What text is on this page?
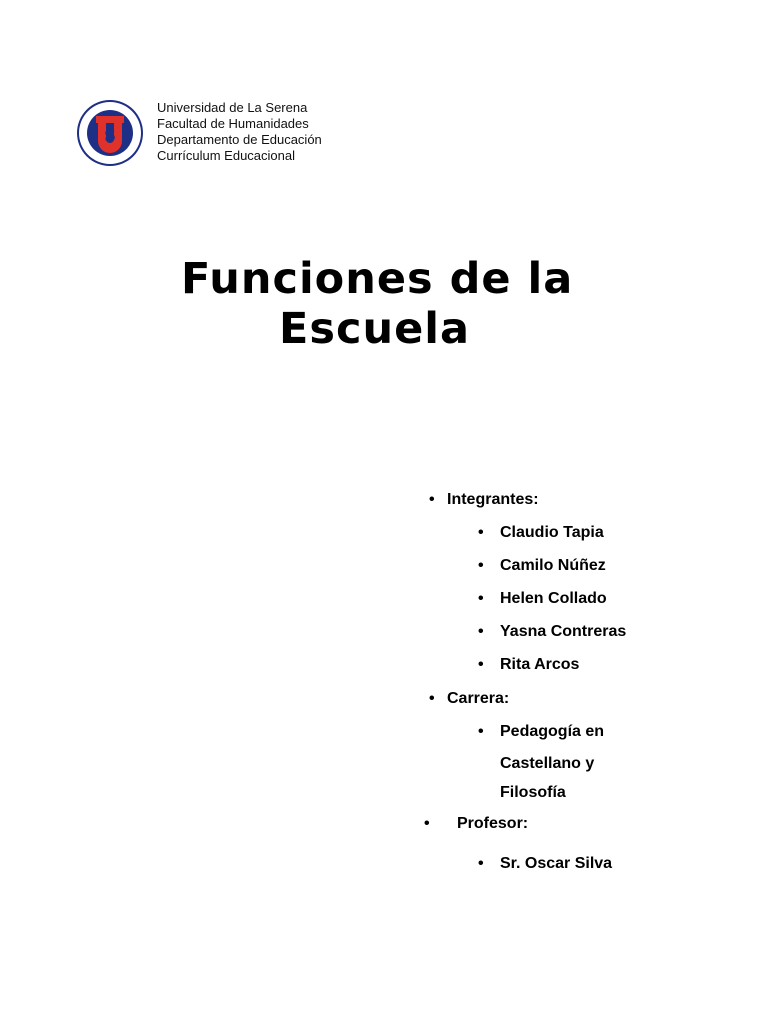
S
Universidad de La Serena
Facultad de Humanidades
Departamento de Educación
Currículum Educacional
Funciones de la
Escuela
• Integrantes:
• Claudio Tapia
• Camilo Núñez
• Helen Collado
• Yasna Contreras
• Rita Arcos
• Carrera:
• Pedagogía en
Castellano y
Filosofía
• Profesor:
• Sr. Oscar Silva
